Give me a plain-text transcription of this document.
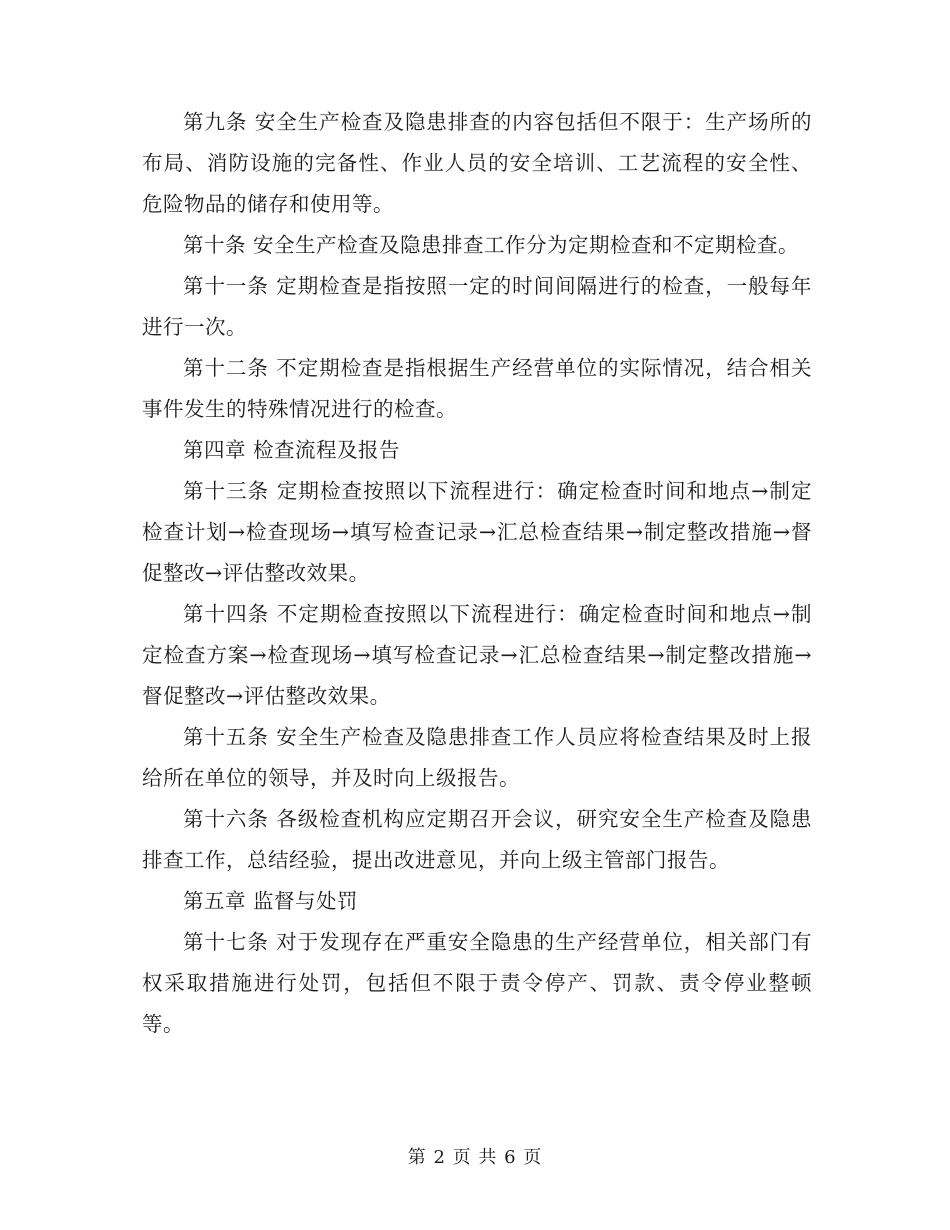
第九条 安全生产检查及隐患排查的内容包括但不限于：生产场所的布局、消防设施的完备性、作业人员的安全培训、工艺流程的安全性、危险物品的储存和使用等。

第十条 安全生产检查及隐患排查工作分为定期检查和不定期检查。

第十一条 定期检查是指按照一定的时间间隔进行的检查，一般每年进行一次。

第十二条 不定期检查是指根据生产经营单位的实际情况，结合相关事件发生的特殊情况进行的检查。

第四章 检查流程及报告

第十三条 定期检查按照以下流程进行：确定检查时间和地点→制定检查计划→检查现场→填写检查记录→汇总检查结果→制定整改措施→督促整改→评估整改效果。

第十四条 不定期检查按照以下流程进行：确定检查时间和地点→制定检查方案→检查现场→填写检查记录→汇总检查结果→制定整改措施→督促整改→评估整改效果。

第十五条 安全生产检查及隐患排查工作人员应将检查结果及时上报给所在单位的领导，并及时向上级报告。

第十六条 各级检查机构应定期召开会议，研究安全生产检查及隐患排查工作，总结经验，提出改进意见，并向上级主管部门报告。

第五章 监督与处罚

第十七条 对于发现存在严重安全隐患的生产经营单位，相关部门有权采取措施进行处罚，包括但不限于责令停产、罚款、责令停业整顿等。

第 2 页 共 6 页
